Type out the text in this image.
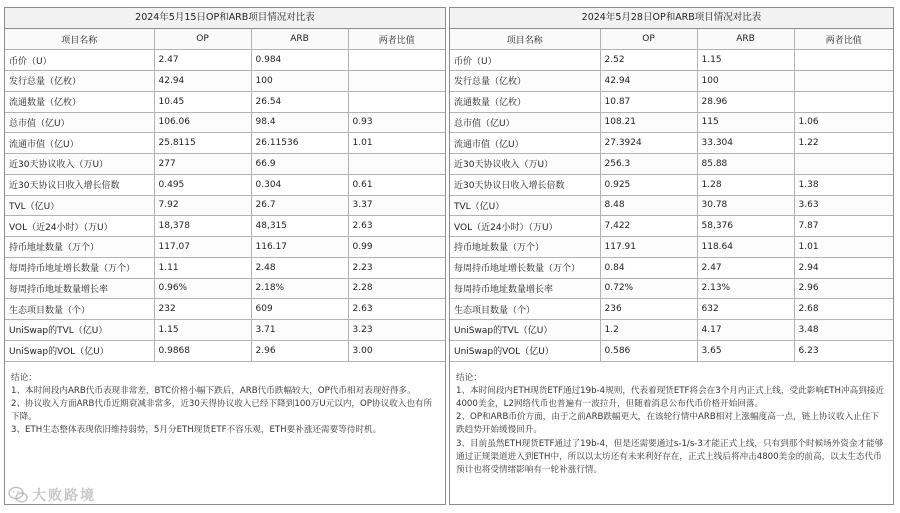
2024年5月15日OP和ARB项目情况对比表
项目名称	OP	ARB	两者比值
币价（U）	2.47	0.984	
发行总量（亿枚）	42.94	100	
流通数量（亿枚）	10.45	26.54	
总市值（亿U）	106.06	98.4	0.93
流通市值（亿U）	25.8115	26.11536	1.01
近30天协议收入（万U）	277	66.9	
近30天协议日收入增长倍数	0.495	0.304	0.61
TVL（亿U）	7.92	26.7	3.37
VOL（近24小时）（万U）	18,378	48,315	2.63
持币地址数量（万个）	117.07	116.17	0.99
每周持币地址增长数量（万个）	1.11	2.48	2.23
每周持币地址数量增长率	0.96%	2.18%	2.28
生态项目数量（个）	232	609	2.63
UniSwap的TVL（亿U）	1.15	3.71	3.23
UniSwap的VOL（亿U）	0.9868	2.96	3.00

结论：

1、本时间段内ARB代币表现非常差，BTC价格小幅下跌后，ARB代币跌幅较大，OP代币相对表现好得多。

2、协议收入方面ARB代币近期衰减非常多，近30天得协议收入已经下降到100万U元以内，OP协议收入也有所下降。

3、ETH生态整体表现依旧维持弱势，5月分ETH现货ETF不容乐观，ETH要补涨还需要等待时机。

2024年5月28日OP和ARB项目情况对比表
项目名称	OP	ARB	两者比值
币价（U）	2.52	1.15	
发行总量（亿枚）	42.94	100	
流通数量（亿枚）	10.87	28.96	
总市值（亿U）	108.21	115	1.06
流通市值（亿U）	27.3924	33.304	1.22
近30天协议收入（万U）	256.3	85.88	
近30天协议日收入增长倍数	0.925	1.28	1.38
TVL（亿U）	8.48	30.78	3.63
VOL（近24小时）（万U）	7,422	58,376	7.87
持币地址数量（万个）	117.91	118.64	1.01
每周持币地址增长数量（万个）	0.84	2.47	2.94
每周持币地址数量增长率	0.72%	2.13%	2.96
生态项目数量（个）	236	632	2.68
UniSwap的TVL（亿U）	1.2	4.17	3.48
UniSwap的VOL（亿U）	0.586	3.65	6.23

结论：

1、本时间段内ETH现货ETF通过19b-4规则，代表着现货ETF将会在3个月内正式上线，受此影响ETH冲高到接近4000美金，L2网络代币也普遍有一波拉升，但随着消息公布代币价格开始回落。

2、OP和ARB币价方面，由于之前ARB跌幅更大，在该轮行情中ARB相对上涨幅度高一点，链上协议收入止住下跌趋势开始缓慢回升。

3、目前虽然ETH现货ETF通过了19b-4，但是还需要通过s-1/s-3才能正式上线，只有到那个时候场外资金才能够通过正规渠道进入到ETH中，所以以太坊还有未来利好存在，正式上线后将冲击4800美金的前高，以太生态代币预计也将受情绪影响有一轮补涨行情。

大败路境
